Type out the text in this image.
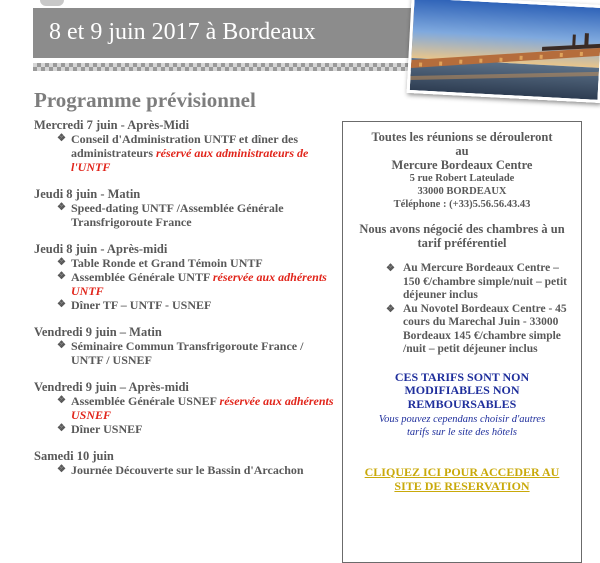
8 et 9 juin 2017 à Bordeaux
Programme prévisionnel
Mercredi 7 juin - Après-Midi
❖ Conseil d'Administration UNTF et dîner des administrateurs réservé aux administrateurs de l'UNTF
Jeudi 8 juin - Matin
❖ Speed-dating UNTF /Assemblée Générale Transfrigoroute France
Jeudi 8 juin - Après-midi
❖ Table Ronde et Grand Témoin UNTF
❖ Assemblée Générale UNTF réservée aux adhérents UNTF
❖ Dîner TF – UNTF - USNEF
Vendredi 9 juin – Matin
❖ Séminaire Commun Transfrigoroute France / UNTF / USNEF
Vendredi 9 juin – Après-midi
❖ Assemblée Générale USNEF réservée aux adhérents USNEF
❖ Dîner USNEF
Samedi 10 juin
❖ Journée Découverte sur le Bassin d'Arcachon
Toutes les réunions se dérouleront
au
Mercure Bordeaux Centre
5 rue Robert Lateulade
33000 BORDEAUX
Téléphone : (+33)5.56.56.43.43
Nous avons négocié des chambres à un
tarif préférentiel
❖ Au Mercure Bordeaux Centre – 150 €/chambre simple/nuit – petit déjeuner inclus
❖ Au Novotel Bordeaux Centre - 45 cours du Marechal Juin - 33000 Bordeaux 145 €/chambre simple /nuit – petit déjeuner inclus
CES TARIFS SONT NON
MODIFIABLES NON
REMBOURSABLES
Vous pouvez cependans choisir d'autres
tarifs sur le site des hôtels
CLIQUEZ ICI POUR ACCEDER AU
SITE DE RESERVATION
